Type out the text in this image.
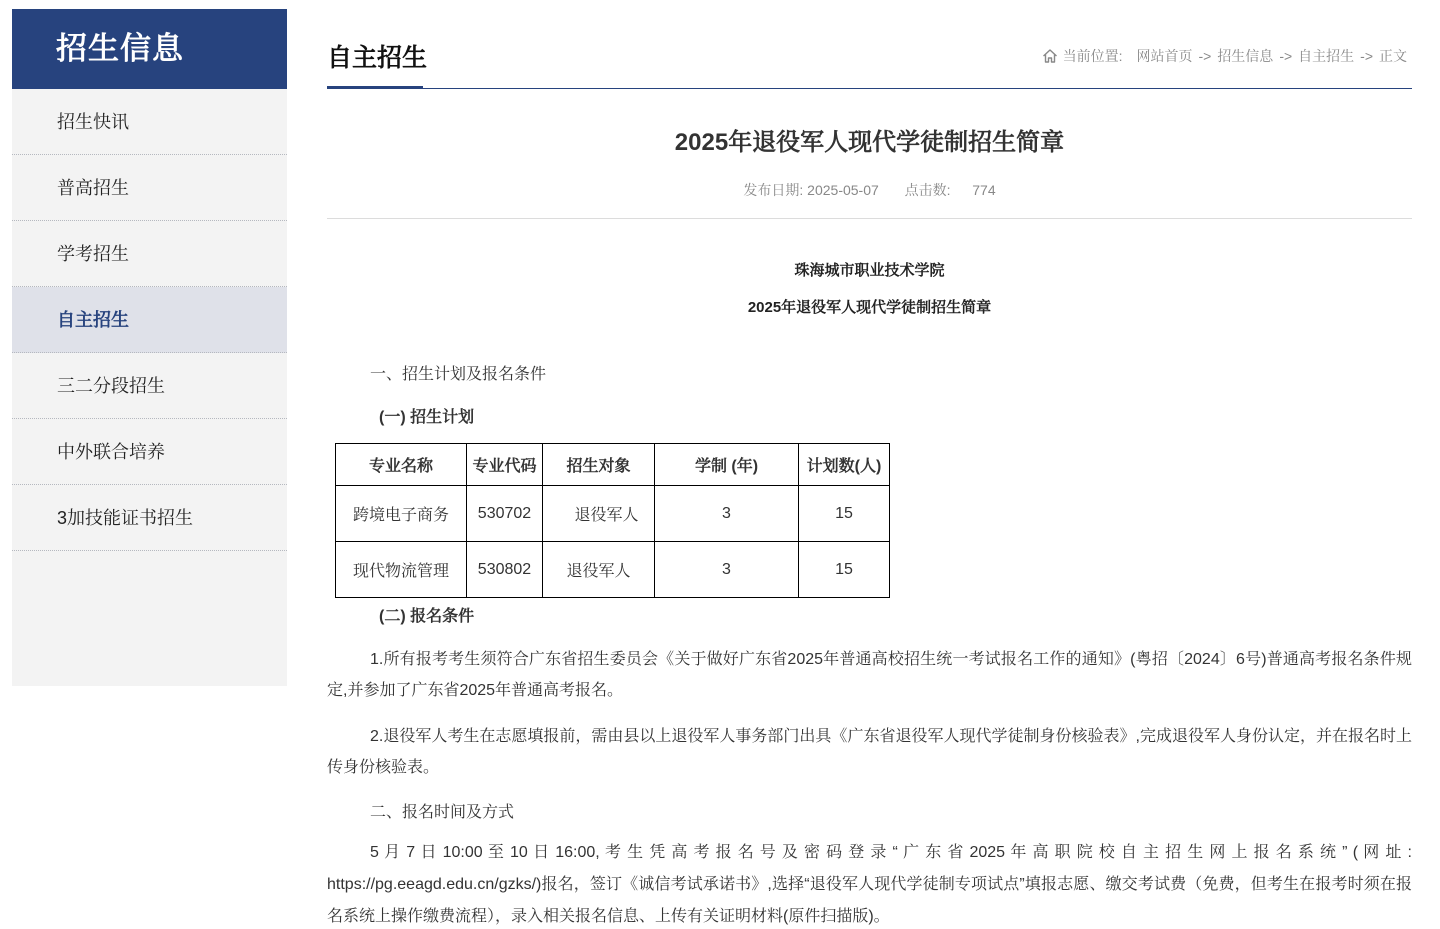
招生信息
招生快讯
普高招生
学考招生
自主招生
三二分段招生
中外联合培养
3加技能证书招生
自主招生	当前位置: 网站首页 -> 招生信息 -> 自主招生 -> 正文
2025年退役军人现代学徒制招生简章
发布日期: 2025-05-07 点击数: 774

珠海城市职业技术学院

2025年退役军人现代学徒制招生简章

一、招生计划及报名条件

(一) 招生计划

专业名称	专业代码	招生对象	学制 (年)	计划数(人)
跨境电子商务	530702	退役军人	3	15
现代物流管理	530802	退役军人	3	15

(二) 报名条件

1.所有报考考生须符合广东省招生委员会《关于做好广东省2025年普通高校招生统一考试报名工作的通知》(粤招〔2024〕6号)普通高考报名条件规定,并参加了广东省2025年普通高考报名。

2.退役军人考生在志愿填报前，需由县以上退役军人事务部门出具《广东省退役军人现代学徒制身份核验表》,完成退役军人身份认定，并在报名时上传身份核验表。

二、报名时间及方式

5 月 7 日 10:00 至 10 日 16:00, 考 生 凭 高 考 报 名 号 及 密 码 登 录 “ 广 东 省 2025 年 高 职 院 校 自 主 招 生 网 上 报 名 系 统 ” ( 网 址 : https://pg.eeagd.edu.cn/gzks/)报名，签订《诚信考试承诺书》,选择“退役军人现代学徒制专项试点”填报志愿、缴交考试费（免费，但考生在报考时须在报名系统上操作缴费流程），录入相关报名信息、上传有关证明材料(原件扫描版)。
